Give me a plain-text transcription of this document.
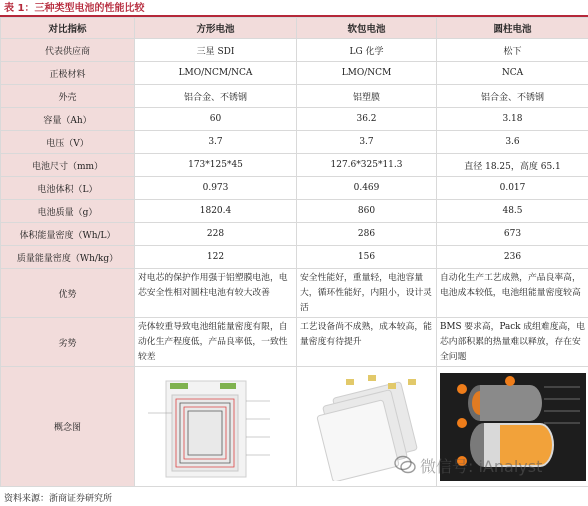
表 1：三种类型电池的性能比较
对比指标	方形电池	软包电池	圆柱电池
代表供应商	三星 SDI	LG 化学	松下
正极材料	LMO/NCM/NCA	LMO/NCM	NCA
外壳	铝合金、不锈钢	铝塑膜	铝合金、不锈钢
容量（Ah）	60	36.2	3.18
电压（V）	3.7	3.7	3.6
电池尺寸（mm）	173*125*45	127.6*325*11.3	直径 18.25，高度 65.1
电池体积（L）	0.973	0.469	0.017
电池质量（g）	1820.4	860	48.5
体积能量密度（Wh/L）	228	286	673
质量能量密度（Wh/kg）	122	156	236
优势	对电芯的保护作用强于铝塑膜电池，电芯安全性相对圆柱电池有较大改善	安全性能好，重量轻，电池容量大，循环性能好，内阻小，设计灵活	自动化生产工艺成熟，产品良率高，电池成本较低，电池组能量密度较高
劣势	壳体较重导致电池组能量密度有限，自动化生产程度低，产品良率低，一致性较差	工艺设备尚不成熟，成本较高，能量密度有待提升	BMS 要求高，Pack 成组难度高，电芯内部积累的热量难以释放，存在安全问题
概念图	

微信号: iAnalyst
资料来源：浙商证券研究所
